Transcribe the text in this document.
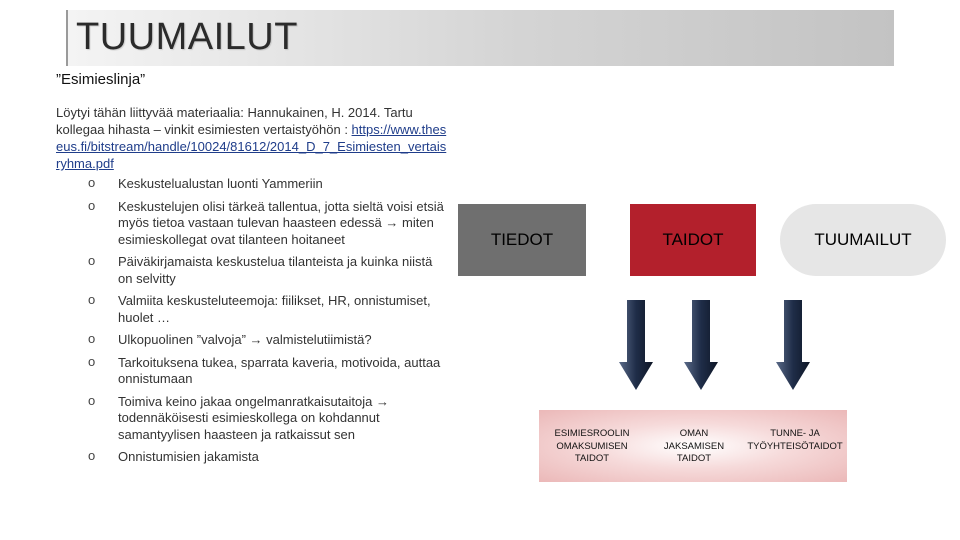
TUUMAILUT
”Esimieslinja”
Löytyi tähän liittyvää materiaalia: Hannukainen, H. 2014. Tartu kollegaa hihasta – vinkit esimiesten vertaistyöhön : https://www.theseus.fi/bitstream/handle/10024/81612/2014_D_7_Esimiesten_vertaisryhma.pdf
o Keskustelualustan luonti Yammeriin
o Keskustelujen olisi tärkeä tallentua, jotta sieltä voisi etsiä myös tietoa vastaan tulevan haasteen edessä → miten esimieskollegat ovat tilanteen hoitaneet
o Päiväkirjamaista keskustelua tilanteista ja kuinka niistä on selvitty
o Valmiita keskusteluteemoja: fiilikset, HR, onnistumiset, huolet …
o Ulkopuolinen ”valvoja” → valmistelutiimistä?
o Tarkoituksena tukea, sparrata kaveria, motivoida, auttaa onnistumaan
o Toimiva keino jakaa ongelmanratkaisutaitoja → todennäköisesti esimieskollega on kohdannut samantyylisen haasteen ja ratkaissut sen
o Onnistumisien jakamista
TIEDOT	TAIDOT	TUUMAILUT
ESIMIESROOLIN OMAKSUMISEN TAIDOT
OMAN JAKSAMISEN TAIDOT
TUNNE- JA TYÖYHTEISÖTAIDOT
